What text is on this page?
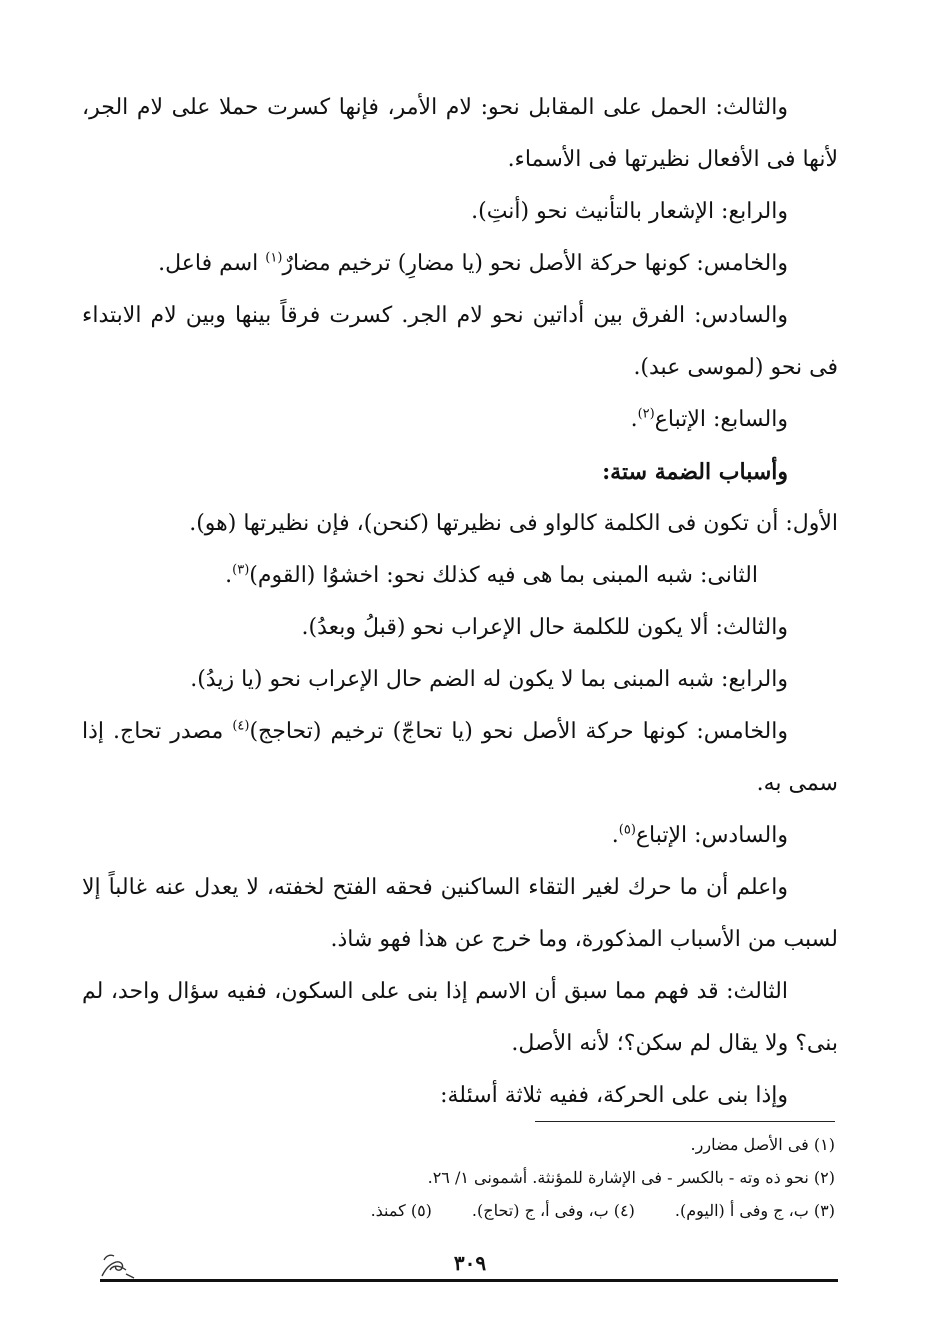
والثالث: الحمل على المقابل نحو: لام الأمر، فإنها كسرت حملا على لام الجر، لأنها فى الأفعال نظيرتها فى الأسماء.

والرابع: الإشعار بالتأنيث نحو (أنتِ).

والخامس: كونها حركة الأصل نحو (يا مضارِ) ترخيم مضارٌ$^{(١)}$ اسم فاعل.

والسادس: الفرق بين أداتين نحو لام الجر. كسرت فرقاً بينها وبين لام الابتداء فى نحو (لموسى عبد).

والسابع: الإتباع$^{(٢)}$.

وأسباب الضمة ستة:

الأول: أن تكون فى الكلمة كالواو فى نظيرتها (كنحن)، فإن نظيرتها (هو).

الثانى: شبه المبنى بما هى فيه كذلك نحو: اخشوُا (القوم)$^{(٣)}$.

والثالث: ألا يكون للكلمة حال الإعراب نحو (قبلُ وبعدُ).

والرابع: شبه المبنى بما لا يكون له الضم حال الإعراب نحو (يا زيدُ).

والخامس: كونها حركة الأصل نحو (يا تحاجّ) ترخيم (تحاجج)$^{(٤)}$ مصدر تحاج. إذا سمى به.

والسادس: الإتباع$^{(٥)}$.

واعلم أن ما حرك لغير التقاء الساكنين فحقه الفتح لخفته، لا يعدل عنه غالباً إلا لسبب من الأسباب المذكورة، وما خرج عن هذا فهو شاذ.

الثالث: قد فهم مما سبق أن الاسم إذا بنى على السكون، ففيه سؤال واحد، لم بنى؟ ولا يقال لم سكن؟؛ لأنه الأصل.

وإذا بنى على الحركة، ففيه ثلاثة أسئلة:

(١) فى الأصل مضارر.

(٢) نحو ذه وته - بالكسر - فى الإشارة للمؤنثة. أشمونى ١/ ٢٦.

(٣) ب، ج وفى أ (اليوم).(٤) ب، وفى أ، ج (تحاج).(٥) كمنذ.

٣٠٩
